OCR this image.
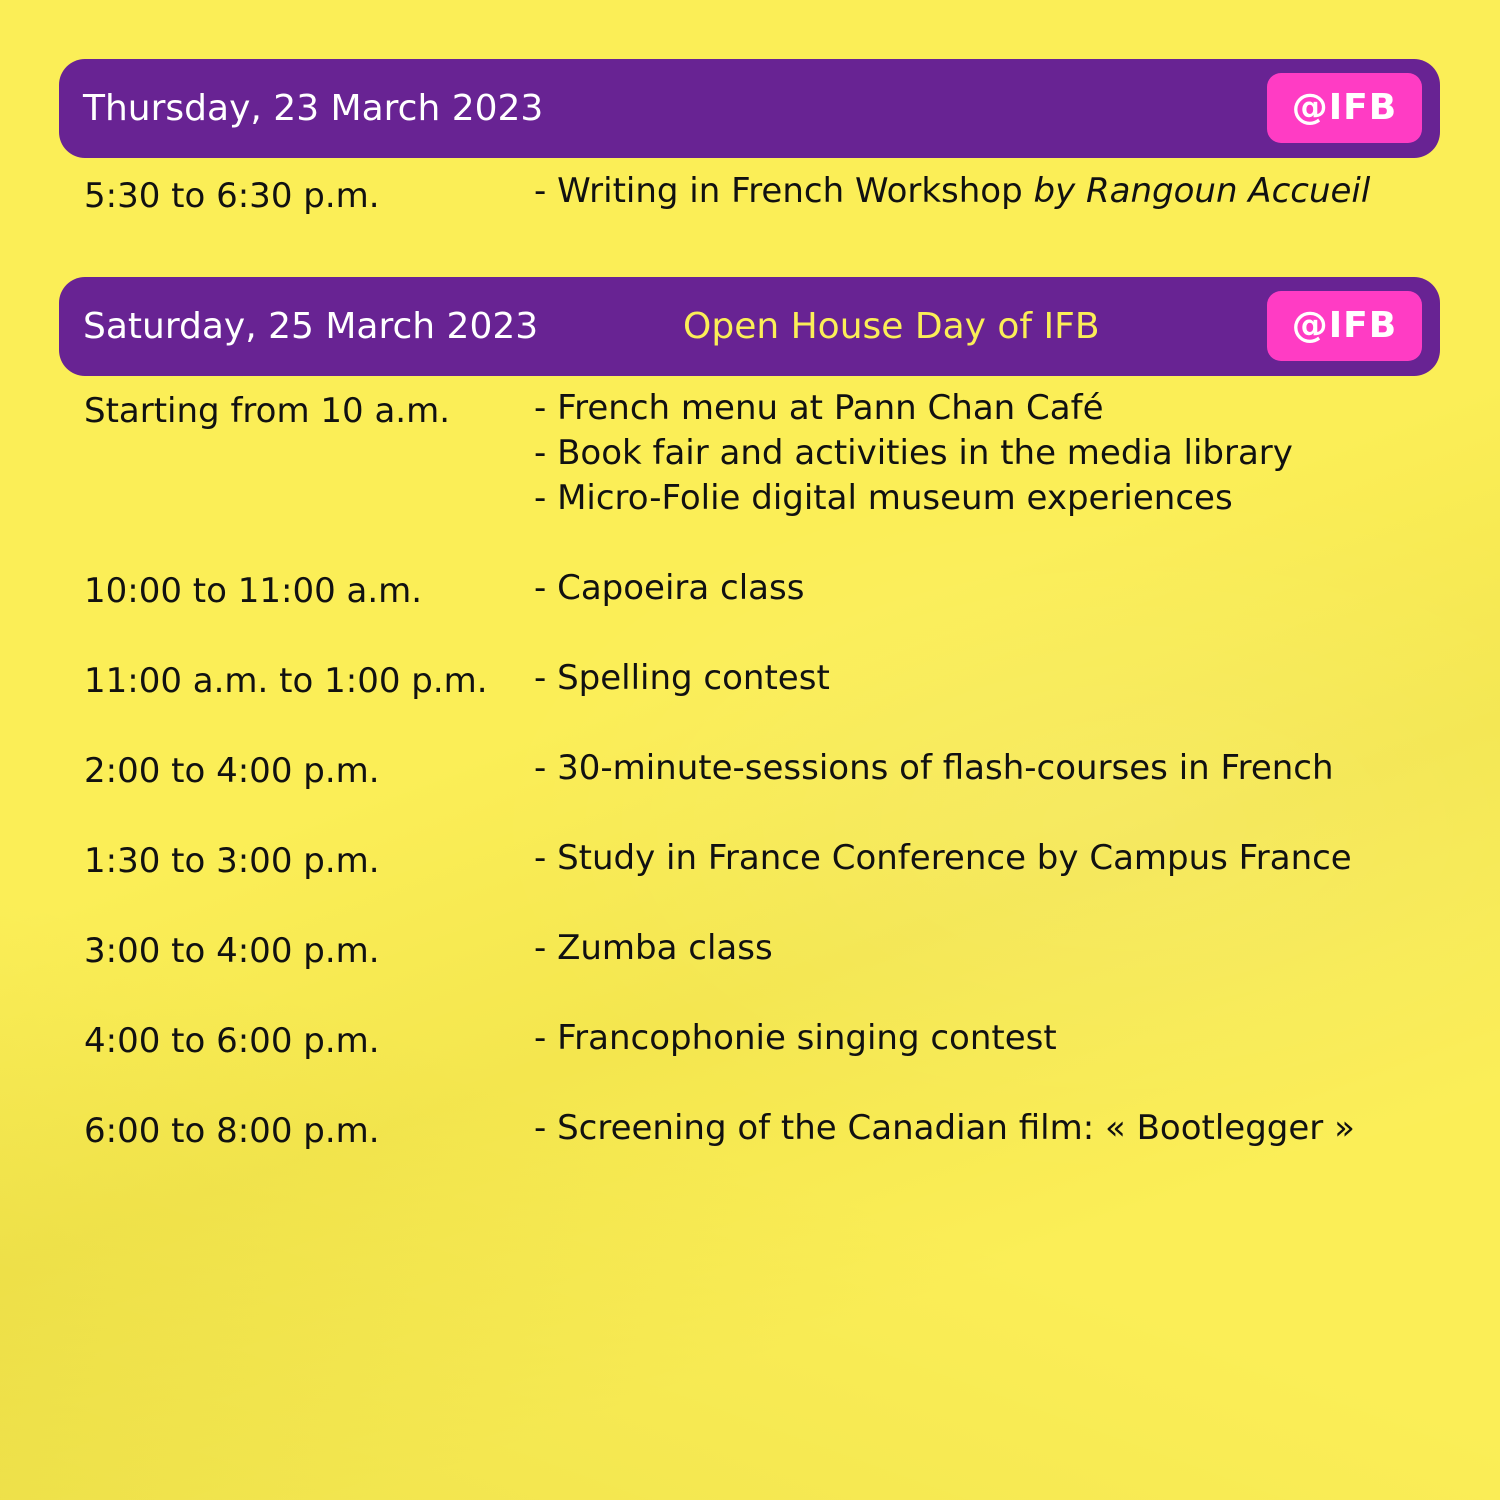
Thursday, 23 March 2023	@IFB
5:30 to 6:30 p.m.	- Writing in French Workshop by Rangoun Accueil
Saturday, 25 March 2023	Open House Day of IFB	@IFB
Starting from 10 a.m. - French menu at Pann Chan Café
- Book fair and activities in the media library
- Micro-Folie digital museum experiences
10:00 to 11:00 a.m.	- Capoeira class
11:00 a.m. to 1:00 p.m. - Spelling contest
2:00 to 4:00 p.m.	- 30-minute-sessions of flash-courses in French
1:30 to 3:00 p.m.	- Study in France Conference by Campus France
3:00 to 4:00 p.m.	- Zumba class
4:00 to 6:00 p.m.	- Francophonie singing contest
6:00 to 8:00 p.m.	- Screening of the Canadian film: « Bootlegger »
